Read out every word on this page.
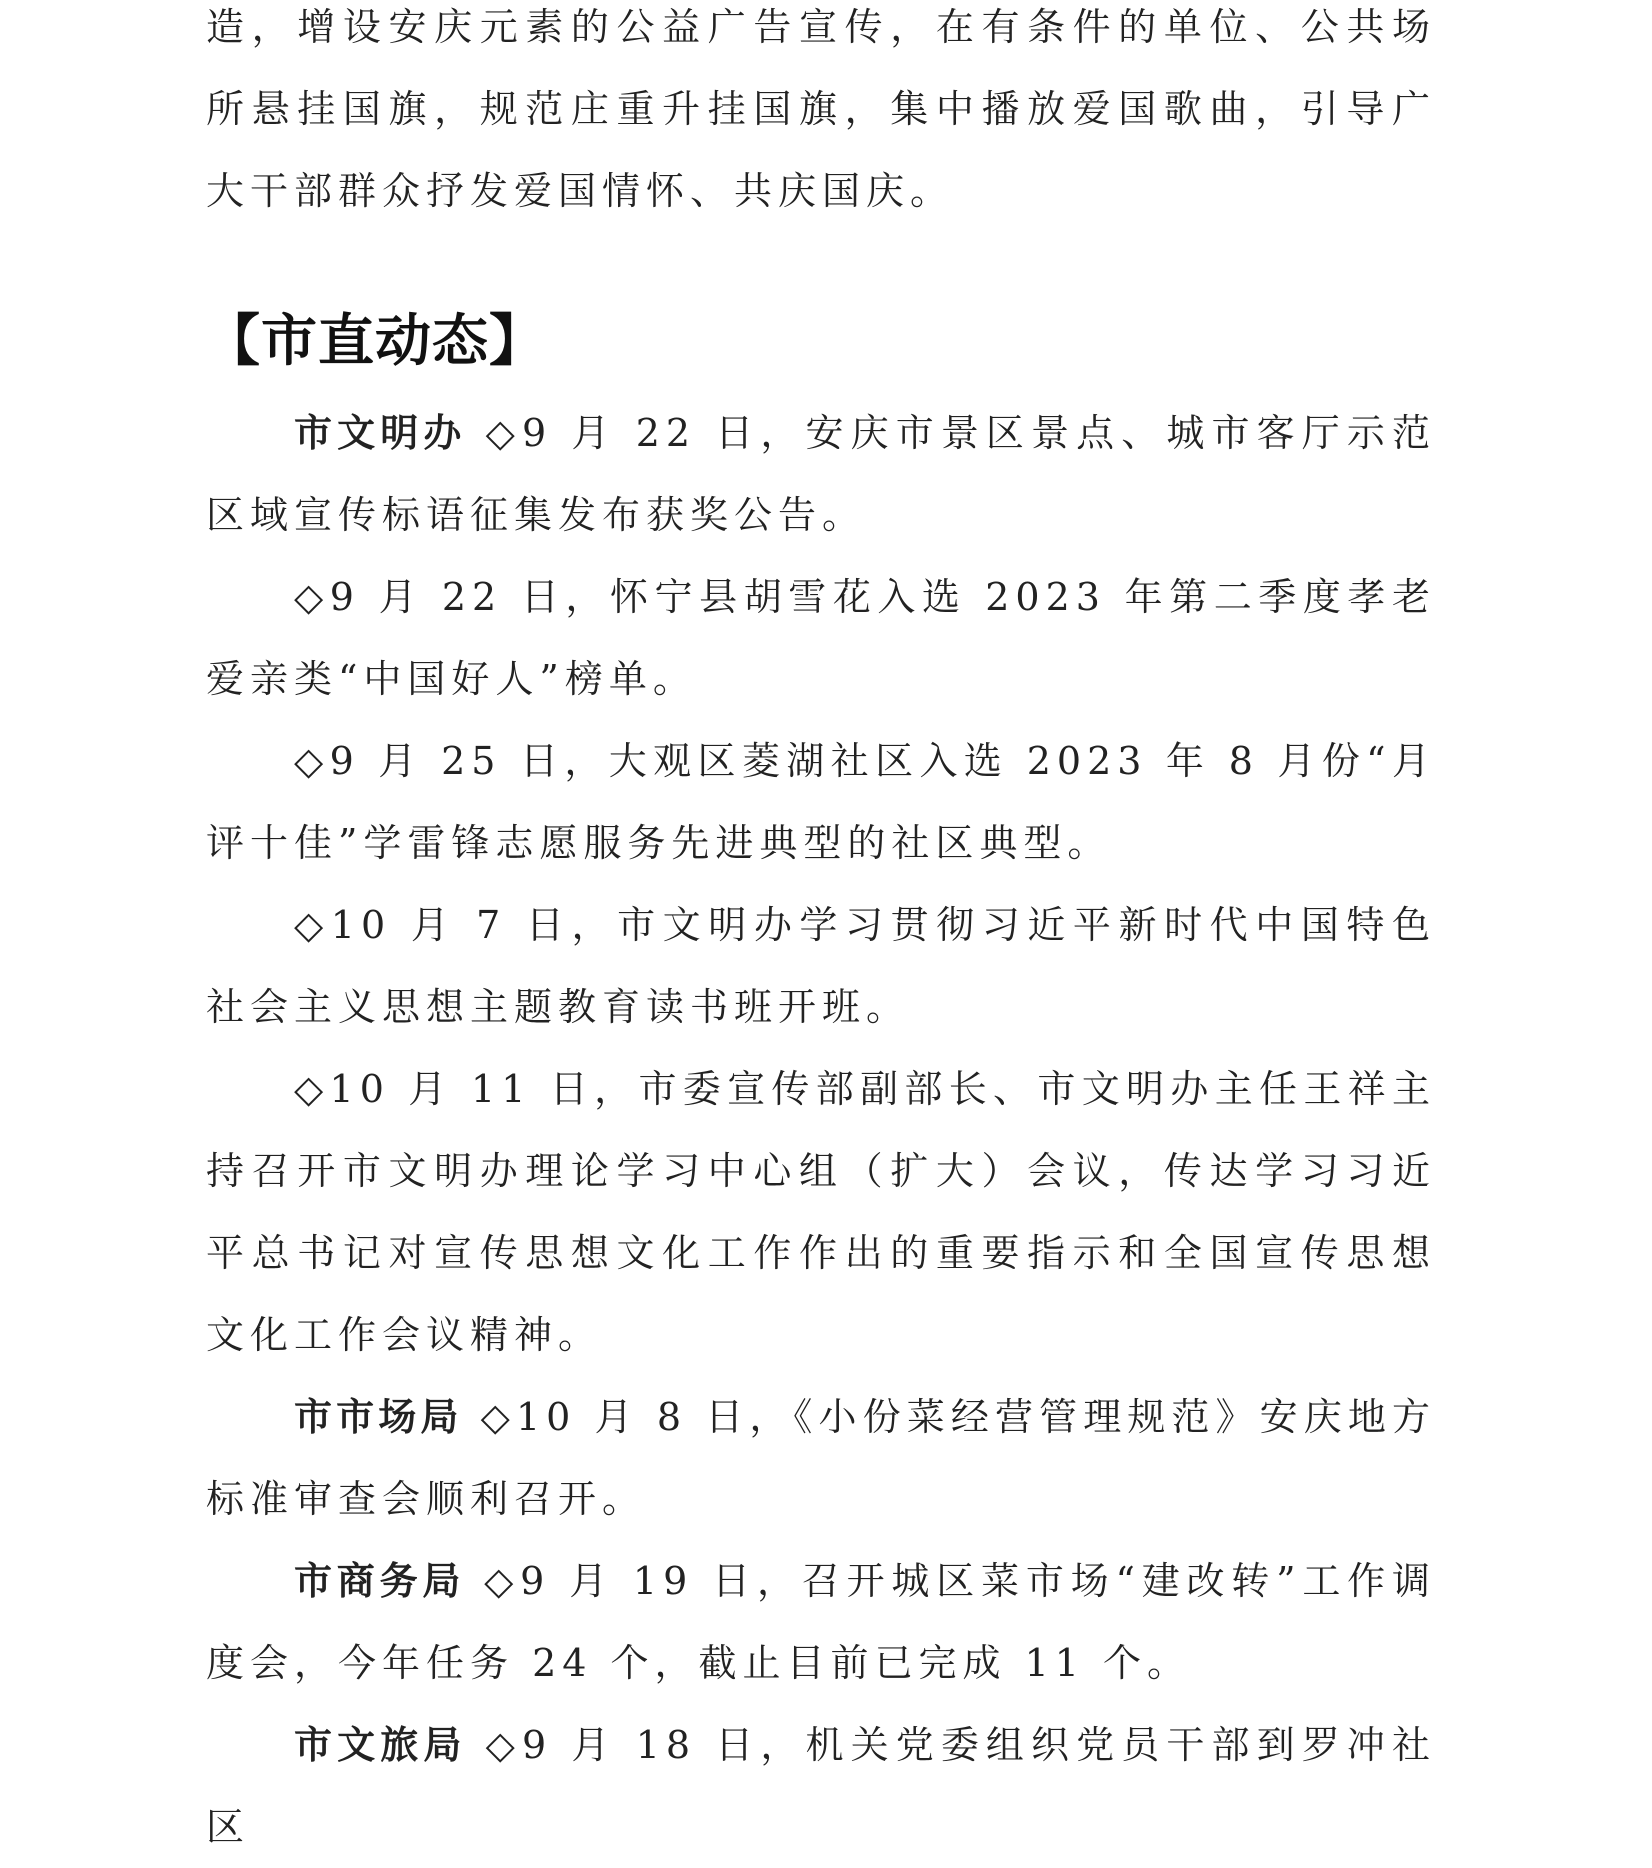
造，增设安庆元素的公益广告宣传，在有条件的单位、公共场所悬挂国旗，规范庄重升挂国旗，集中播放爱国歌曲，引导广大干部群众抒发爱国情怀、共庆国庆。

【市直动态】

市文明办 ◇9 月 22 日，安庆市景区景点、城市客厅示范区域宣传标语征集发布获奖公告。

◇9 月 22 日，怀宁县胡雪花入选 2023 年第二季度孝老爱亲类“中国好人”榜单。

◇9 月 25 日，大观区菱湖社区入选 2023 年 8 月份“月评十佳”学雷锋志愿服务先进典型的社区典型。

◇10 月 7 日，市文明办学习贯彻习近平新时代中国特色社会主义思想主题教育读书班开班。

◇10 月 11 日，市委宣传部副部长、市文明办主任王祥主持召开市文明办理论学习中心组（扩大）会议，传达学习习近平总书记对宣传思想文化工作作出的重要指示和全国宣传思想文化工作会议精神。

市市场局 ◇10 月 8 日，《小份菜经营管理规范》安庆地方标准审查会顺利召开。

市商务局 ◇9 月 19 日，召开城区菜市场“建改转”工作调度会，今年任务 24 个，截止目前已完成 11 个。

市文旅局 ◇9 月 18 日，机关党委组织党员干部到罗冲社区
